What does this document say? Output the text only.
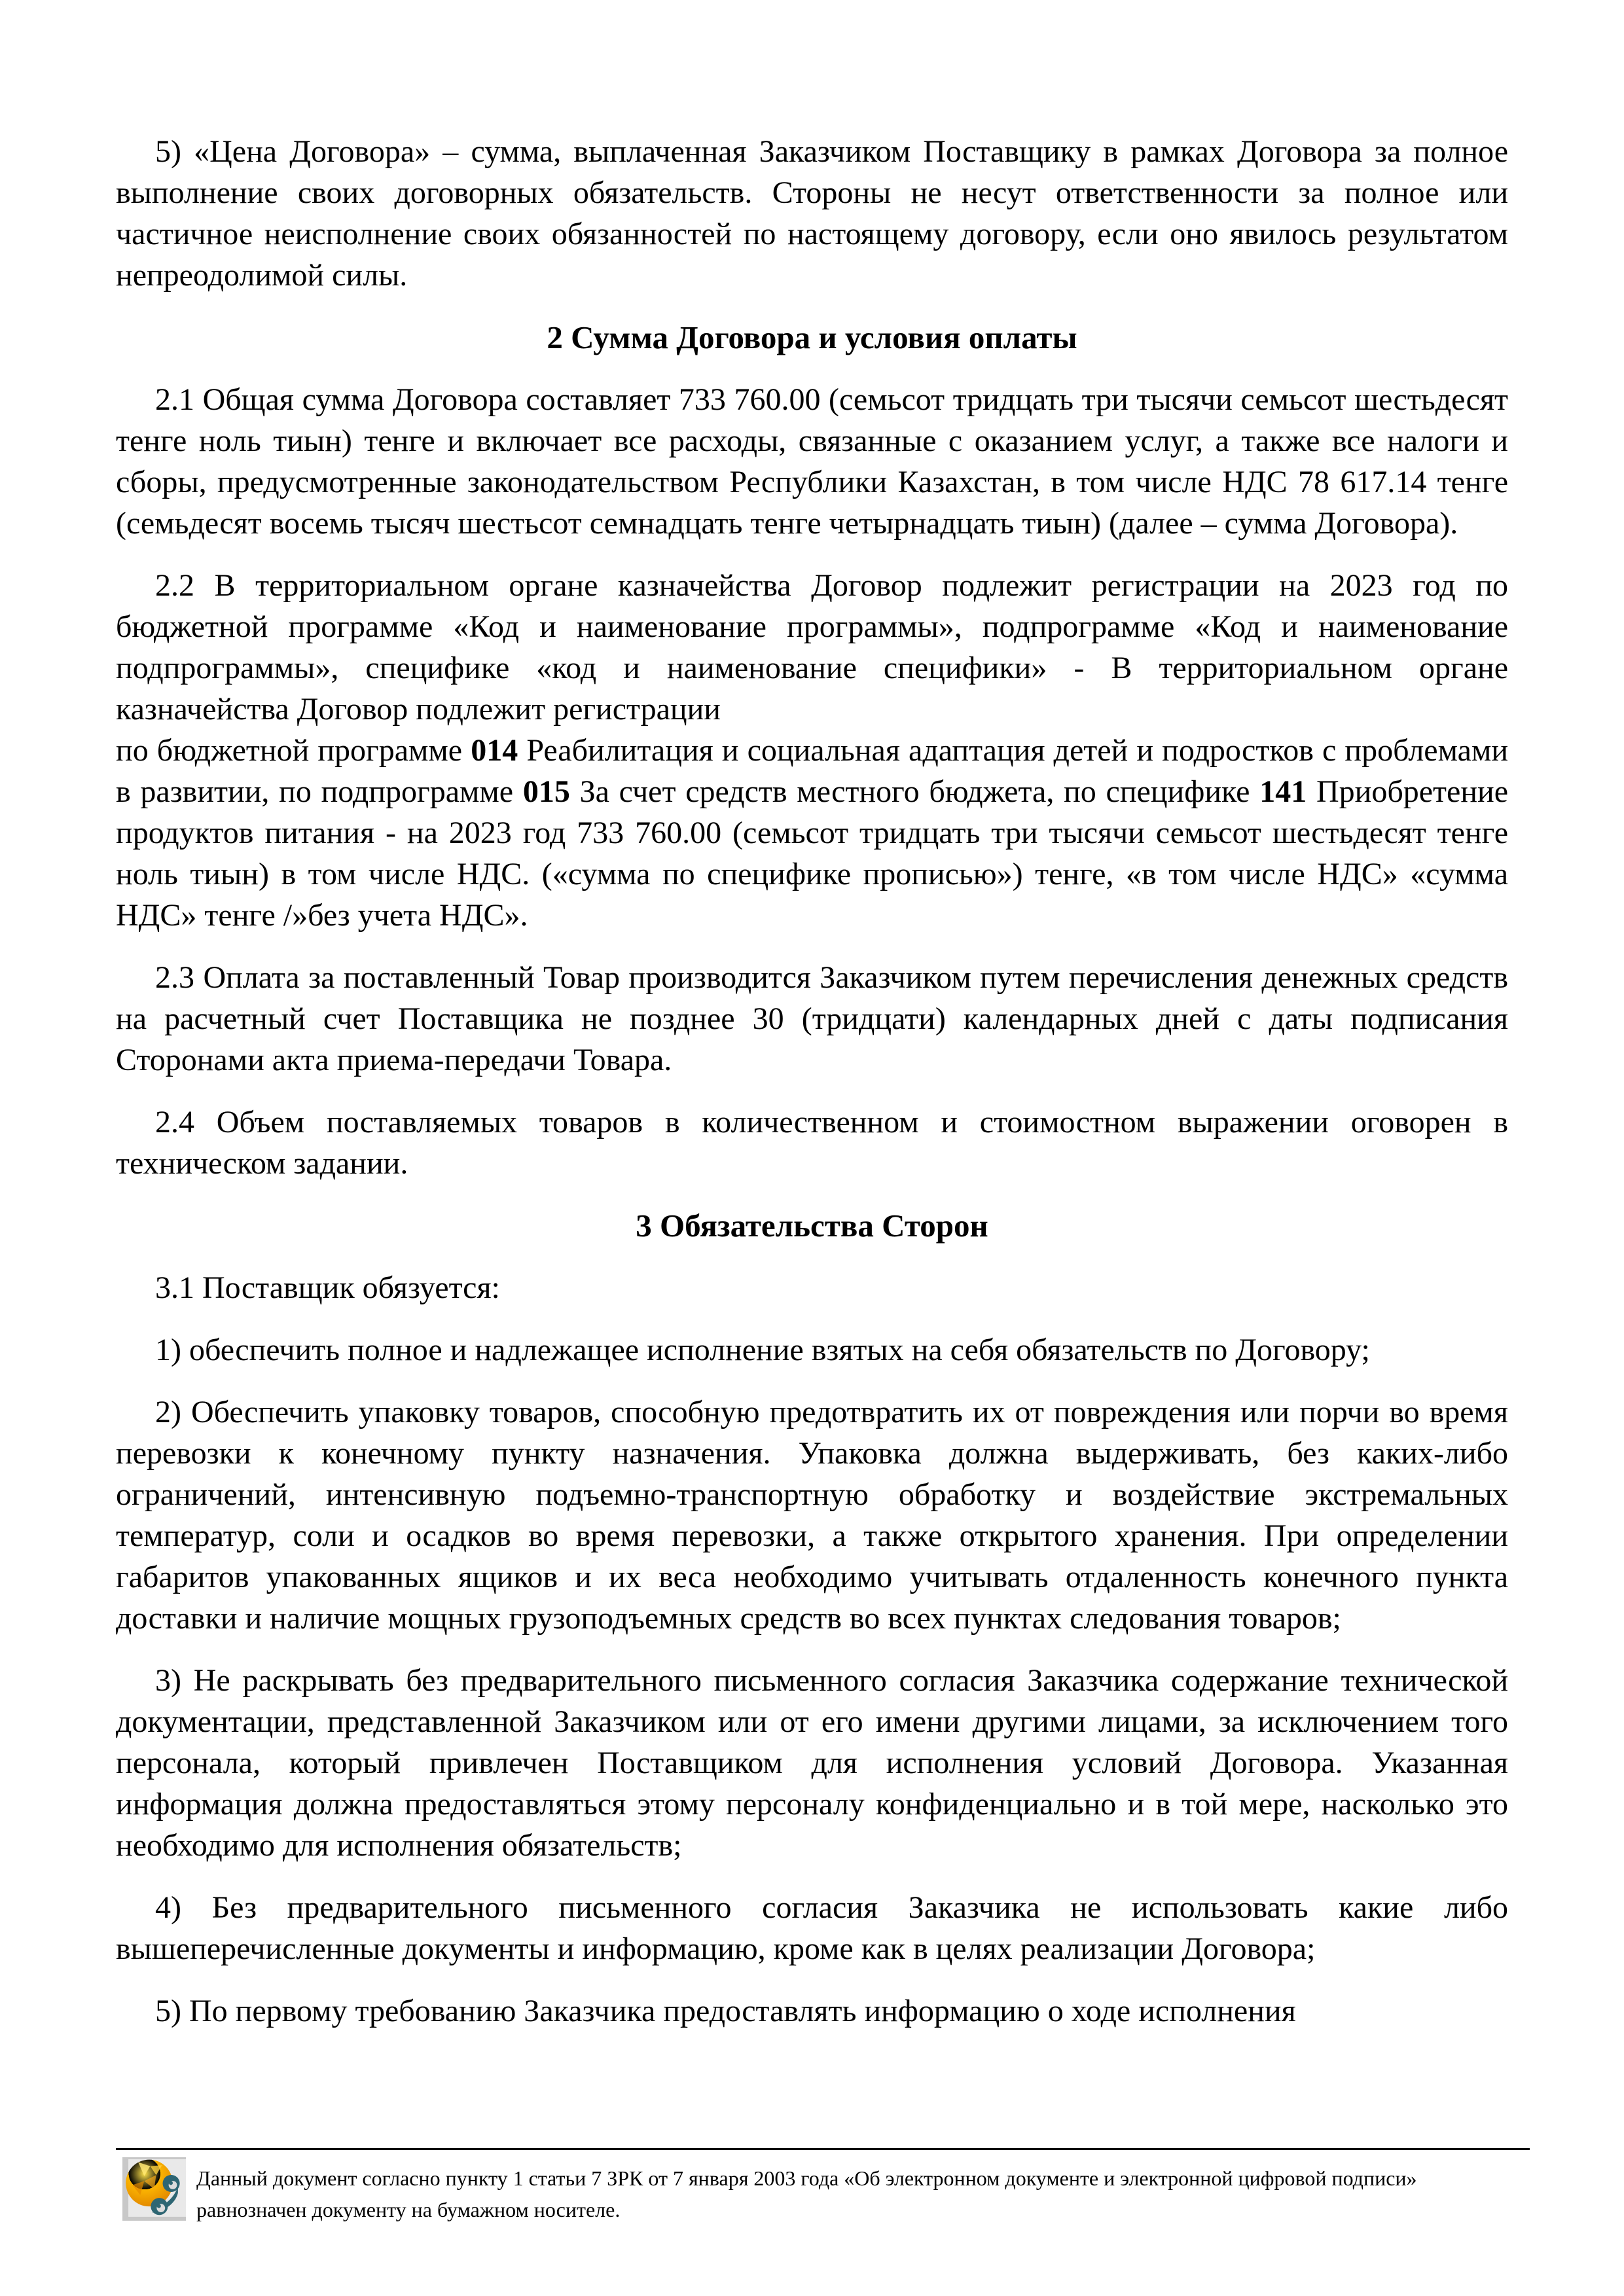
5) «Цена Договора» – сумма, выплаченная Заказчиком Поставщику в рамках Договора за полное выполнение своих договорных обязательств. Стороны не несут ответственности за полное или частичное неисполнение своих обязанностей по настоящему договору, если оно явилось результатом непреодолимой силы.

2 Сумма Договора и условия оплаты

2.1 Общая сумма Договора составляет 733 760.00 (семьсот тридцать три тысячи семьсот шестьдесят тенге ноль тиын) тенге и включает все расходы, связанные с оказанием услуг, а также все налоги и сборы, предусмотренные законодательством Республики Казахстан, в том числе НДС 78 617.14 тенге (семьдесят восемь тысяч шестьсот семнадцать тенге четырнадцать тиын) (далее – сумма Договора).

2.2 В территориальном органе казначейства Договор подлежит регистрации на 2023 год по бюджетной программе «Код и наименование программы», подпрограмме «Код и наименование подпрограммы», специфике «код и наименование специфики» - В территориальном органе казначейства Договор подлежит регистрации

по бюджетной программе 014 Реабилитация и социальная адаптация детей и подростков с проблемами в развитии, по подпрограмме 015 За счет средств местного бюджета, по специфике 141 Приобретение продуктов питания - на 2023 год 733 760.00 (семьсот тридцать три тысячи семьсот шестьдесят тенге ноль тиын) в том числе НДС. («сумма по специфике прописью») тенге, «в том числе НДС» «сумма НДС» тенге /»без учета НДС».

2.3 Оплата за поставленный Товар производится Заказчиком путем перечисления денежных средств на расчетный счет Поставщика не позднее 30 (тридцати) календарных дней с даты подписания Сторонами акта приема-передачи Товара.

2.4 Объем поставляемых товаров в количественном и стоимостном выражении оговорен в техническом задании.

3 Обязательства Сторон

3.1 Поставщик обязуется:

1) обеспечить полное и надлежащее исполнение взятых на себя обязательств по Договору;

2) Обеспечить упаковку товаров, способную предотвратить их от повреждения или порчи во время перевозки к конечному пункту назначения. Упаковка должна выдерживать, без каких-либо ограничений, интенсивную подъемно-транспортную обработку и воздействие экстремальных температур, соли и осадков во время перевозки, а также открытого хранения. При определении габаритов упакованных ящиков и их веса необходимо учитывать отдаленность конечного пункта доставки и наличие мощных грузоподъемных средств во всех пунктах следования товаров;

3) Не раскрывать без предварительного письменного согласия Заказчика содержание технической документации, представленной Заказчиком или от его имени другими лицами, за исключением того персонала, который привлечен Поставщиком для исполнения условий Договора. Указанная информация должна предоставляться этому персоналу конфиденциально и в той мере, насколько это необходимо для исполнения обязательств;

4) Без предварительного письменного согласия Заказчика не использовать какие либо вышеперечисленные документы и информацию, кроме как в целях реализации Договора;

5) По первому требованию Заказчика предоставлять информацию о ходе исполнения

Данный документ согласно пункту 1 статьи 7 ЗРК от 7 января 2003 года «Об электронном документе и электронной цифровой подписи» равнозначен документу на бумажном носителе.
